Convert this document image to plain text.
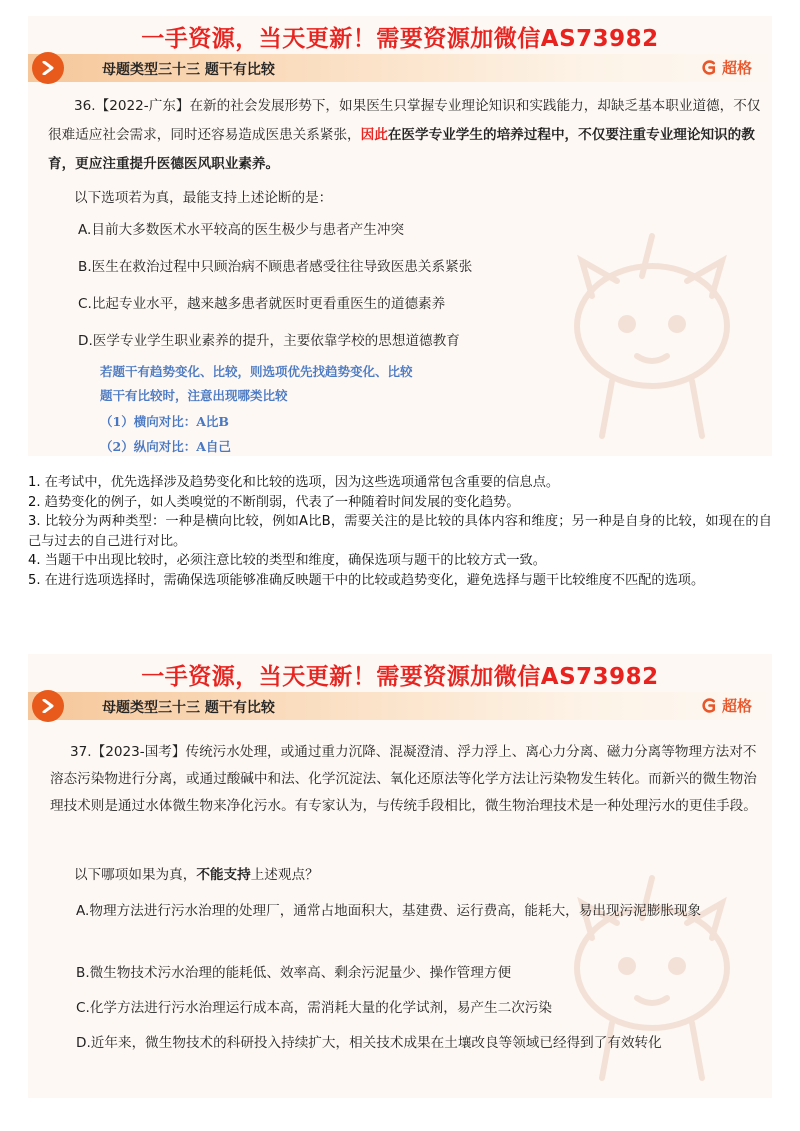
一手资源，当天更新！需要资源加微信AS73982
母题类型三十三 题干有比较	超格
36.【2022-广东】在新的社会发展形势下，如果医生只掌握专业理论知识和实践能力，却缺乏基本职业道德，不仅很难适应社会需求，同时还容易造成医患关系紧张，因此在医学专业学生的培养过程中，不仅要注重专业理论知识的教育，更应注重提升医德医风职业素养。
以下选项若为真，最能支持上述论断的是：
A.目前大多数医术水平较高的医生极少与患者产生冲突
B.医生在救治过程中只顾治病不顾患者感受往往导致医患关系紧张
C.比起专业水平，越来越多患者就医时更看重医生的道德素养
D.医学专业学生职业素养的提升，主要依靠学校的思想道德教育
若题干有趋势变化、比较，则选项优先找趋势变化、比较
题干有比较时，注意出现哪类比较
（1）横向对比：A比B
（2）纵向对比：A自己
1. 在考试中，优先选择涉及趋势变化和比较的选项，因为这些选项通常包含重要的信息点。
2. 趋势变化的例子，如人类嗅觉的不断削弱，代表了一种随着时间发展的变化趋势。
3. 比较分为两种类型：一种是横向比较，例如A比B，需要关注的是比较的具体内容和维度；另一种是自身的比较，如现在的自己与过去的自己进行对比。
4. 当题干中出现比较时，必须注意比较的类型和维度，确保选项与题干的比较方式一致。
5. 在进行选项选择时，需确保选项能够准确反映题干中的比较或趋势变化，避免选择与题干比较维度不匹配的选项。
一手资源，当天更新！需要资源加微信AS73982
母题类型三十三 题干有比较	超格
37.【2023-国考】传统污水处理，或通过重力沉降、混凝澄清、浮力浮上、离心力分离、磁力分离等物理方法对不溶态污染物进行分离，或通过酸碱中和法、化学沉淀法、氧化还原法等化学方法让污染物发生转化。而新兴的微生物治理技术则是通过水体微生物来净化污水。有专家认为，与传统手段相比，微生物治理技术是一种处理污水的更佳手段。
以下哪项如果为真，不能支持上述观点？
A.物理方法进行污水治理的处理厂，通常占地面积大，基建费、运行费高，能耗大，易出现污泥膨胀现象
B.微生物技术污水治理的能耗低、效率高、剩余污泥量少、操作管理方便
C.化学方法进行污水治理运行成本高，需消耗大量的化学试剂，易产生二次污染
D.近年来，微生物技术的科研投入持续扩大，相关技术成果在土壤改良等领域已经得到了有效转化
